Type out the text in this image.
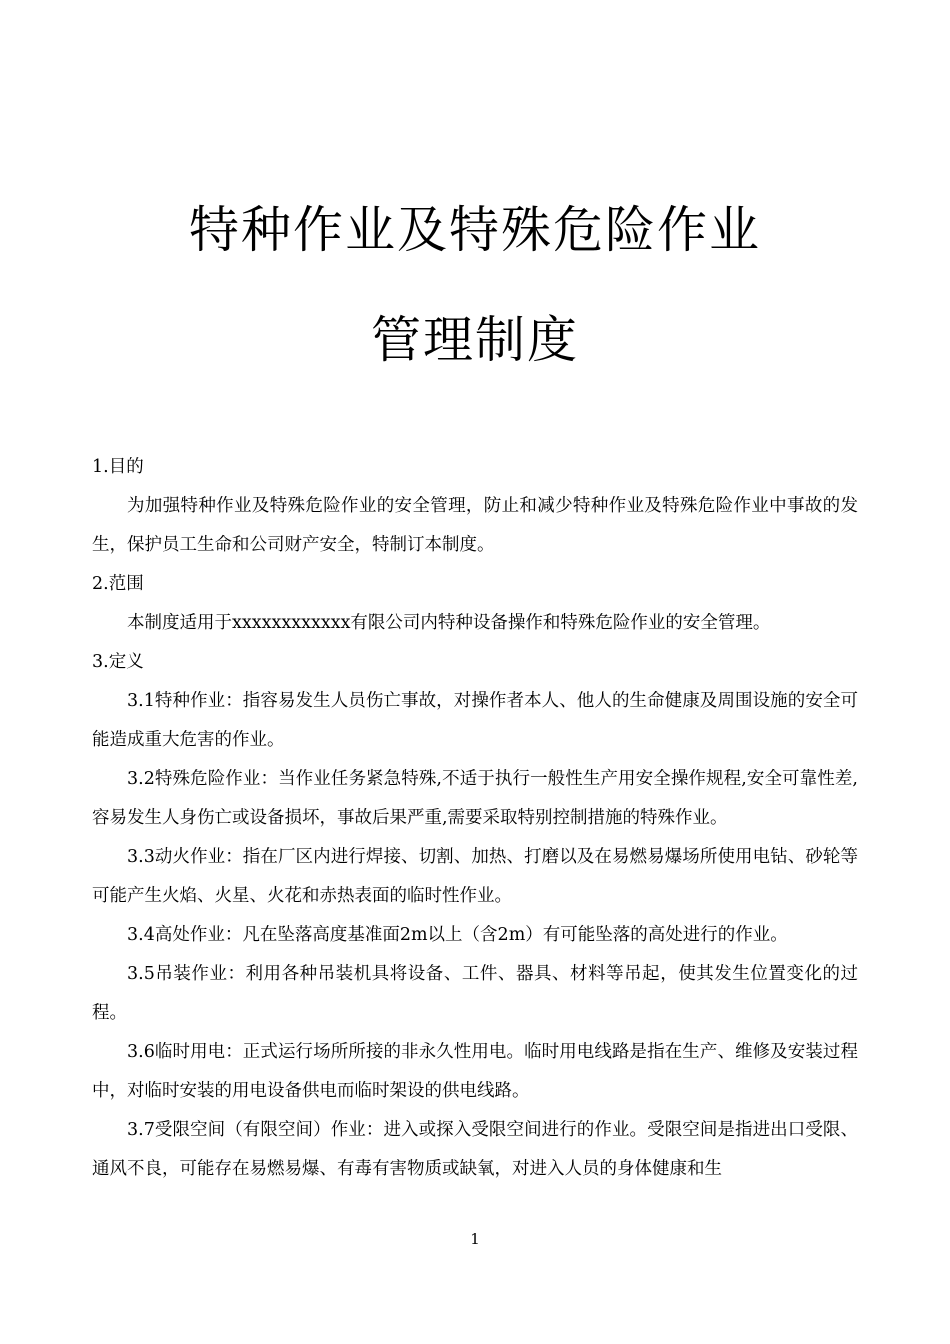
特种作业及特殊危险作业
管理制度

1.目的

为加强特种作业及特殊危险作业的安全管理，防止和减少特种作业及特殊危险作业中事故的发生，保护员工生命和公司财产安全，特制订本制度。

2.范围

本制度适用于xxxxxxxxxxxx有限公司内特种设备操作和特殊危险作业的安全管理。

3.定义

3.1特种作业：指容易发生人员伤亡事故，对操作者本人、他人的生命健康及周围设施的安全可能造成重大危害的作业。

3.2特殊危险作业：当作业任务紧急特殊,不适于执行一般性生产用安全操作规程,安全可靠性差,容易发生人身伤亡或设备损坏，事故后果严重,需要采取特别控制措施的特殊作业。

3.3动火作业：指在厂区内进行焊接、切割、加热、打磨以及在易燃易爆场所使用电钻、砂轮等可能产生火焰、火星、火花和赤热表面的临时性作业。

3.4高处作业：凡在坠落高度基准面2m以上（含2m）有可能坠落的高处进行的作业。

3.5吊装作业：利用各种吊装机具将设备、工件、器具、材料等吊起，使其发生位置变化的过程。

3.6临时用电：正式运行场所所接的非永久性用电。临时用电线路是指在生产、维修及安装过程中，对临时安装的用电设备供电而临时架设的供电线路。

3.7受限空间（有限空间）作业：进入或探入受限空间进行的作业。受限空间是指进出口受限、通风不良，可能存在易燃易爆、有毒有害物质或缺氧，对进入人员的身体健康和生

1
